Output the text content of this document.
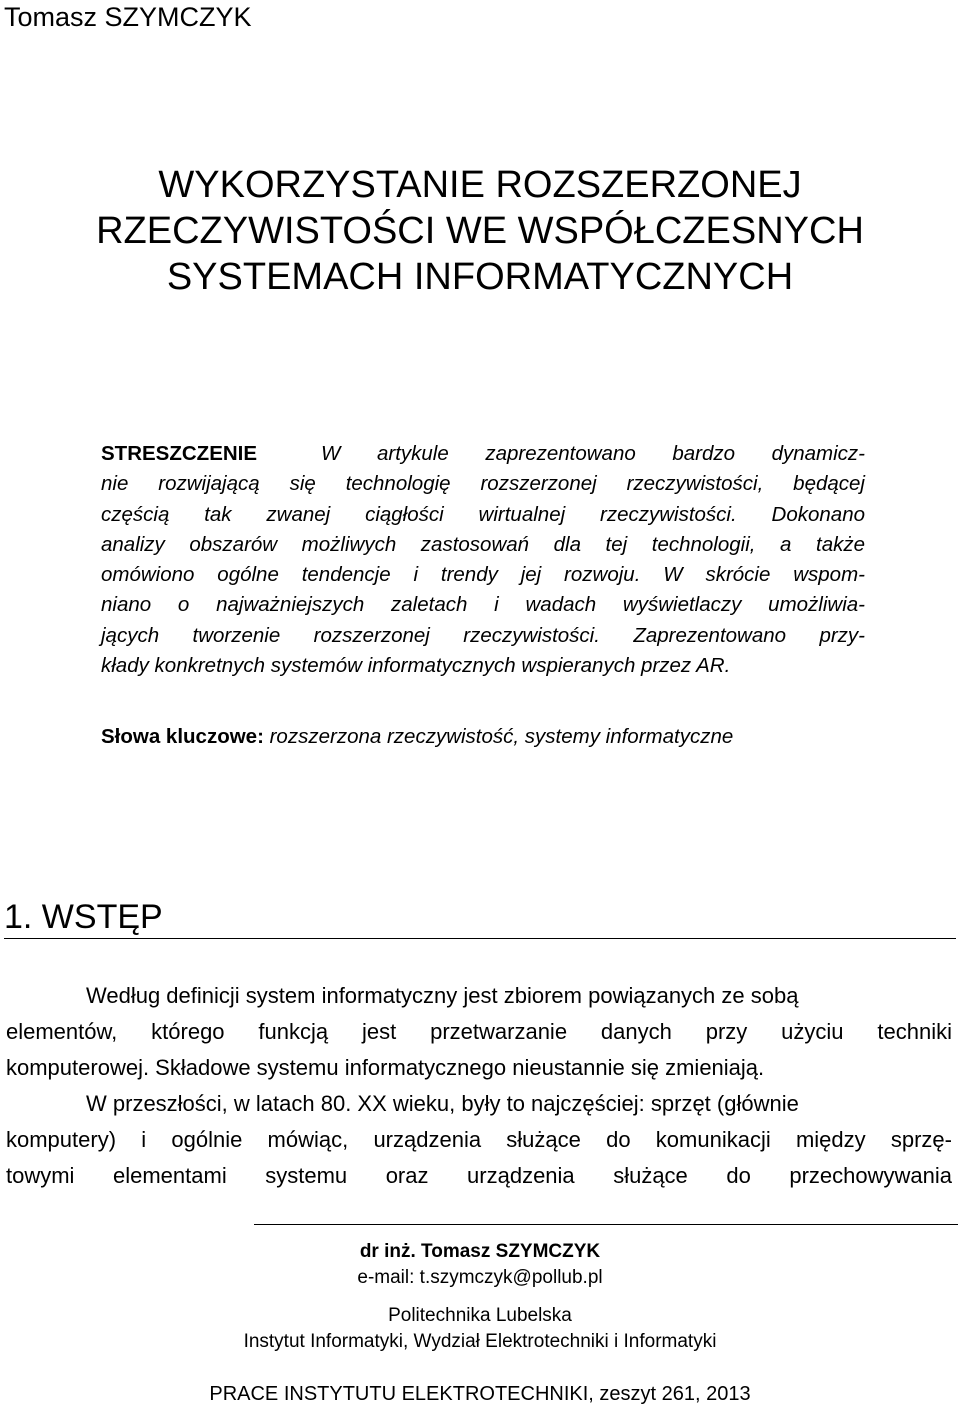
Tomasz SZYMCZYK
WYKORZYSTANIE ROZSZERZONEJ
RZECZYWISTOŚCI WE WSPÓŁCZESNYCH
SYSTEMACH INFORMATYCZNYCH
STRESZCZENIE	W artykule zaprezentowano bardzo dynamicz-
nie rozwijającą się technologię rozszerzonej rzeczywistości, będącej
częścią tak zwanej ciągłości wirtualnej rzeczywistości. Dokonano
analizy obszarów możliwych zastosowań dla tej technologii, a także
omówiono ogólne tendencje i trendy jej rozwoju. W skrócie wspom-
niano o najważniejszych zaletach i wadach wyświetlaczy umożliwia-
jących tworzenie rozszerzonej rzeczywistości. Zaprezentowano przy-
kłady konkretnych systemów informatycznych wspieranych przez AR.
Słowa kluczowe: rozszerzona rzeczywistość, systemy informatyczne
1. WSTĘP
Według definicji system informatyczny jest zbiorem powiązanych ze sobą
elementów, którego funkcją jest przetwarzanie danych przy użyciu techniki
komputerowej. Składowe systemu informatycznego nieustannie się zmieniają.
W przeszłości, w latach 80. XX wieku, były to najczęściej: sprzęt (głównie
komputery) i ogólnie mówiąc, urządzenia służące do komunikacji między sprzę-
towymi elementami systemu oraz urządzenia służące do przechowywania
dr inż. Tomasz SZYMCZYK
e-mail: t.szymczyk@pollub.pl
Politechnika Lubelska
Instytut Informatyki, Wydział Elektrotechniki i Informatyki
PRACE INSTYTUTU ELEKTROTECHNIKI, zeszyt 261, 2013
